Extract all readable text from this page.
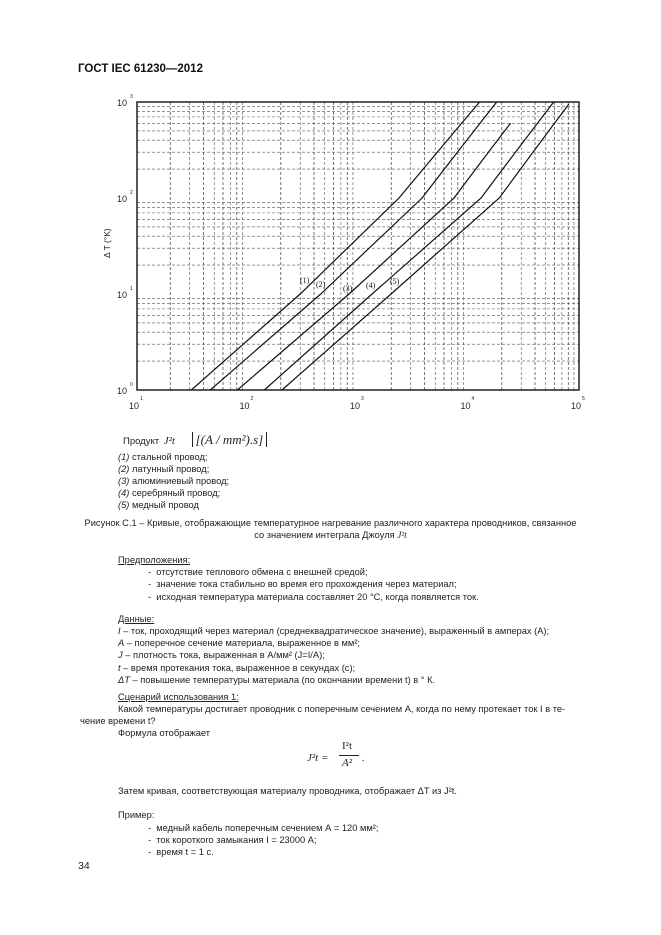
ГОСТ IEC 61230—2012
10
1
10
2
10
3
10
4
10
5
10
0
10
1
10
2
10
3
Δ T (°K)
(1) (2) (3) (4) (5)
Продукт J²t [(A / mm²).s]
(1) стальной провод;
(2) латунный провод;
(3) алюминиевый провод;
(4) серебряный провод;
(5) медный провод
Рисунок С.1 – Кривые, отображающие температурное нагревание различного характера проводников, связанное
со значением интеграла Джоуля J²t
Предположения:
-  отсутствие теплового обмена с внешней средой;
-  значение тока стабильно во время его прохождения через материал;
-  исходная температура материала составляет 20 °С, когда появляется ток.
Данные:
I – ток, проходящий через материал (среднеквадратическое значение), выраженный в амперах (А);
A – поперечное сечение материала, выраженное в мм²;
J – плотность тока, выраженная в А/мм² (J=I/A);
t – время протекания тока, выраженное в секундах (с);
ΔT – повышение температуры материала (по окончании времени t) в ° К.
Сценарий использования 1:
Какой температуры достигает проводник с поперечным сечением A, когда по нему протекает ток I в те-
чение времени t?
Формула отображает
J²t =
I²t
A² .
Затем кривая, соответствующая материалу проводника, отображает ΔT из J²t.
Пример:
-  медный кабель поперечным сечением А = 120 мм²;
-  ток короткого замыкания I = 23000 А;
-  время t = 1 с.
34
